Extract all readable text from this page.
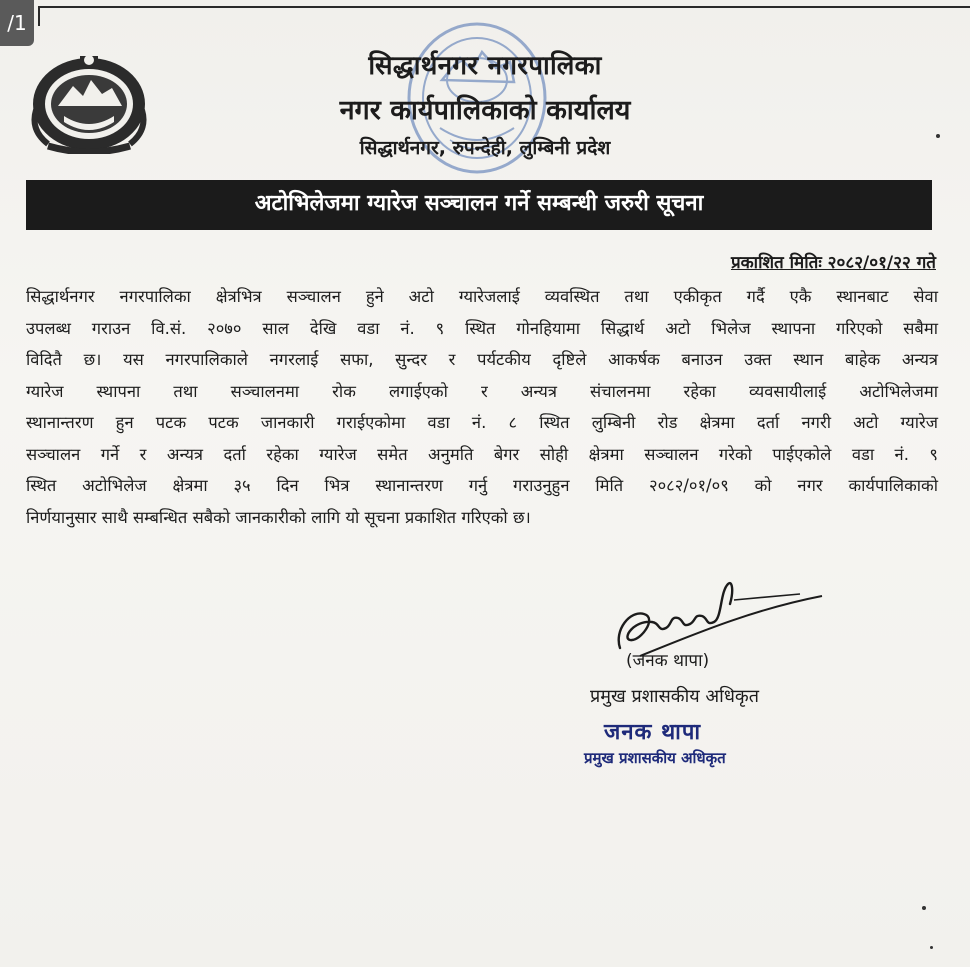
सिद्धार्थनगर नगरपालिका
नगर कार्यपालिकाको कार्यालय
सिद्धार्थनगर, रुपन्देही, लुम्बिनी प्रदेश
अटोभिलेजमा ग्यारेज सञ्चालन गर्ने सम्बन्धी जरुरी सूचना
प्रकाशित मितिः २०८२/०१/२२ गते
सिद्धार्थनगर नगरपालिका क्षेत्रभित्र सञ्चालन हुने अटो ग्यारेजलाई व्यवस्थित तथा एकीकृत गर्दै एकै स्थानबाट सेवा
उपलब्ध गराउन वि.सं. २०७० साल देखि वडा नं. ९ स्थित गोनहियामा सिद्धार्थ अटो भिलेज स्थापना गरिएको सबैमा
विदितै छ। यस नगरपालिकाले नगरलाई सफा, सुन्दर र पर्यटकीय दृष्टिले आकर्षक बनाउन उक्त स्थान बाहेक अन्यत्र
ग्यारेज स्थापना तथा सञ्चालनमा रोक लगाईएको र अन्यत्र संचालनमा रहेका व्यवसायीलाई अटोभिलेजमा
स्थानान्तरण हुन पटक पटक जानकारी गराईएकोमा वडा नं. ८ स्थित लुम्बिनी रोड क्षेत्रमा दर्ता नगरी अटो ग्यारेज
सञ्चालन गर्ने र अन्यत्र दर्ता रहेका ग्यारेज समेत अनुमति बेगर सोही क्षेत्रमा सञ्चालन गरेको पाईएकोले वडा नं. ९
स्थित अटोभिलेज क्षेत्रमा ३५ दिन भित्र स्थानान्तरण गर्नु गराउनुहुन मिति २०८२/०१/०९ को नगर कार्यपालिकाको
निर्णयानुसार साथै सम्बन्धित सबैको जानकारीको लागि यो सूचना प्रकाशित गरिएको छ।
(जनक थापा)
प्रमुख प्रशासकीय अधिकृत
जनक थापा
प्रमुख प्रशासकीय अधिकृत
/1
